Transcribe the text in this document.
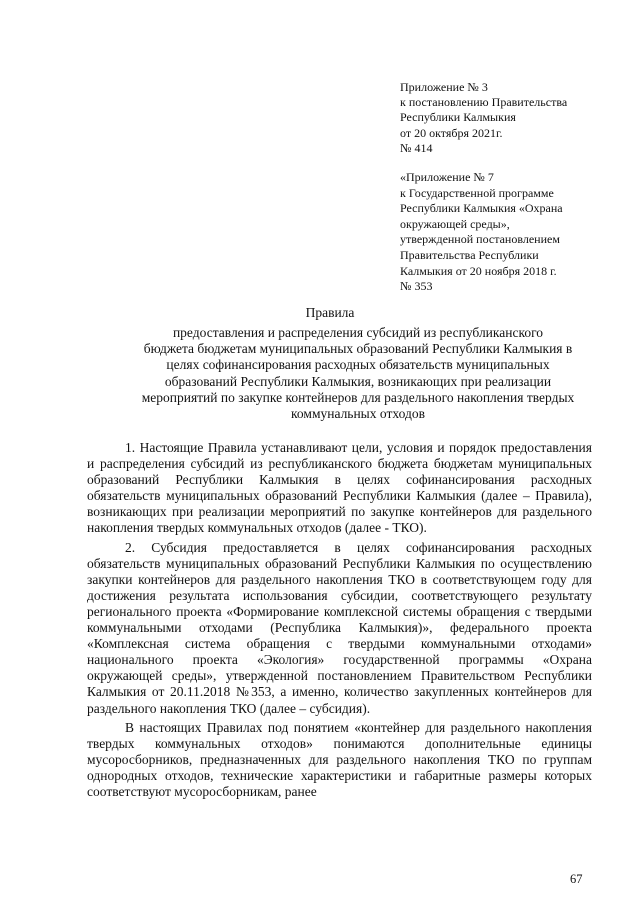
Приложение № 3
к постановлению Правительства
Республики Калмыкия
от 20 октября 2021г.
№ 414
«Приложение № 7
к Государственной программе
Республики Калмыкия «Охрана
окружающей среды»,
утвержденной постановлением
Правительства Республики
Калмыкия от 20 ноября 2018 г.
№ 353
Правила
предоставления и распределения субсидий из республиканского
бюджета бюджетам муниципальных образований Республики Калмыкия в
целях софинансирования расходных обязательств муниципальных
образований Республики Калмыкия, возникающих при реализации
мероприятий по закупке контейнеров для раздельного накопления твердых
коммунальных отходов

1. Настоящие Правила устанавливают цели, условия и порядок предоставления и распределения субсидий из республиканского бюджета бюджетам муниципальных образований Республики Калмыкия в целях софинансирования расходных обязательств муниципальных образований Республики Калмыкия (далее – Правила), возникающих при реализации мероприятий по закупке контейнеров для раздельного накопления твердых коммунальных отходов (далее - ТКО).

2. Субсидия предоставляется в целях софинансирования расходных обязательств муниципальных образований Республики Калмыкия по осуществлению закупки контейнеров для раздельного накопления ТКО в соответствующем году для достижения результата использования субсидии, соответствующего результату регионального проекта «Формирование комплексной системы обращения с твердыми коммунальными отходами (Республика Калмыкия)», федерального проекта «Комплексная система обращения с твердыми коммунальными отходами» национального проекта «Экология» государственной программы «Охрана окружающей среды», утвержденной постановлением Правительством Республики Калмыкия от 20.11.2018 №353, а именно, количество закупленных контейнеров для раздельного накопления ТКО (далее – субсидия).

В настоящих Правилах под понятием «контейнер для раздельного накопления твердых коммунальных отходов» понимаются дополнительные единицы мусоросборников, предназначенных для раздельного накопления ТКО по группам однородных отходов, технические характеристики и габаритные размеры которых соответствуют мусоросборникам, ранее

67
